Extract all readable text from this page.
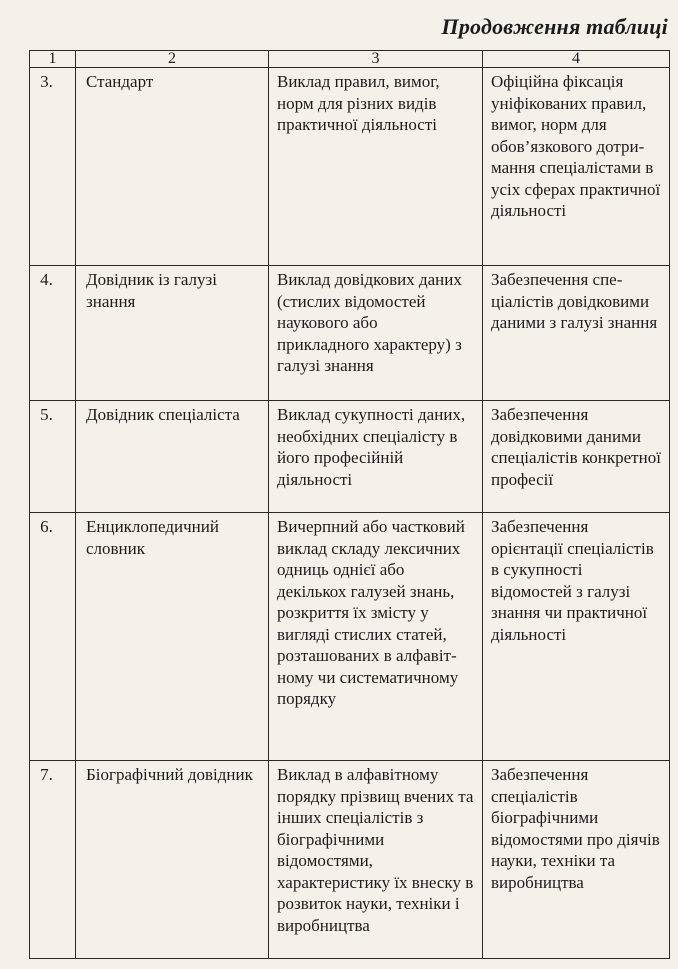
Продовження таблиці
1	2	3	4
3.	Стандарт	Виклад правил, вимог, норм для різних видів практичної діяльності	Офіційна фіксація уніфікованих правил, вимог, норм для обов’язкового дотримання спеціалістами в усіх сферах практичної діяльності
4.	Довідник із галузі знання	Виклад довідкових даних (стислих відомостей наукового або прикладного характеру) з галузі знання	Забезпечення спеціалістів довідковими даними з галузі знання
5.	Довідник спеціаліста	Виклад сукупності даних, необхідних спеціалісту в його професійній діяльності	Забезпечення довідковими даними спеціалістів конкретної професії
6.	Енциклопедичний словник	Вичерпний або частковий виклад складу лексичних одниць однієї або декількох галузей знань, розкриття їх змісту у вигляді стислих статей, розташованих в алфавітному чи систематичному порядку	Забезпечення орієнтації спеціалістів в сукупності відомостей з галузі знання чи практичної діяльності
7.	Біографічний довідник	Виклад в алфавітному порядку прізвищ вчених та інших спеціалістів з біографічними відомостями, характеристику їх внеску в розвиток науки, техніки і виробництва	Забезпечення спеціалістів біографічними відомостями про діячів науки, техніки та виробництва
